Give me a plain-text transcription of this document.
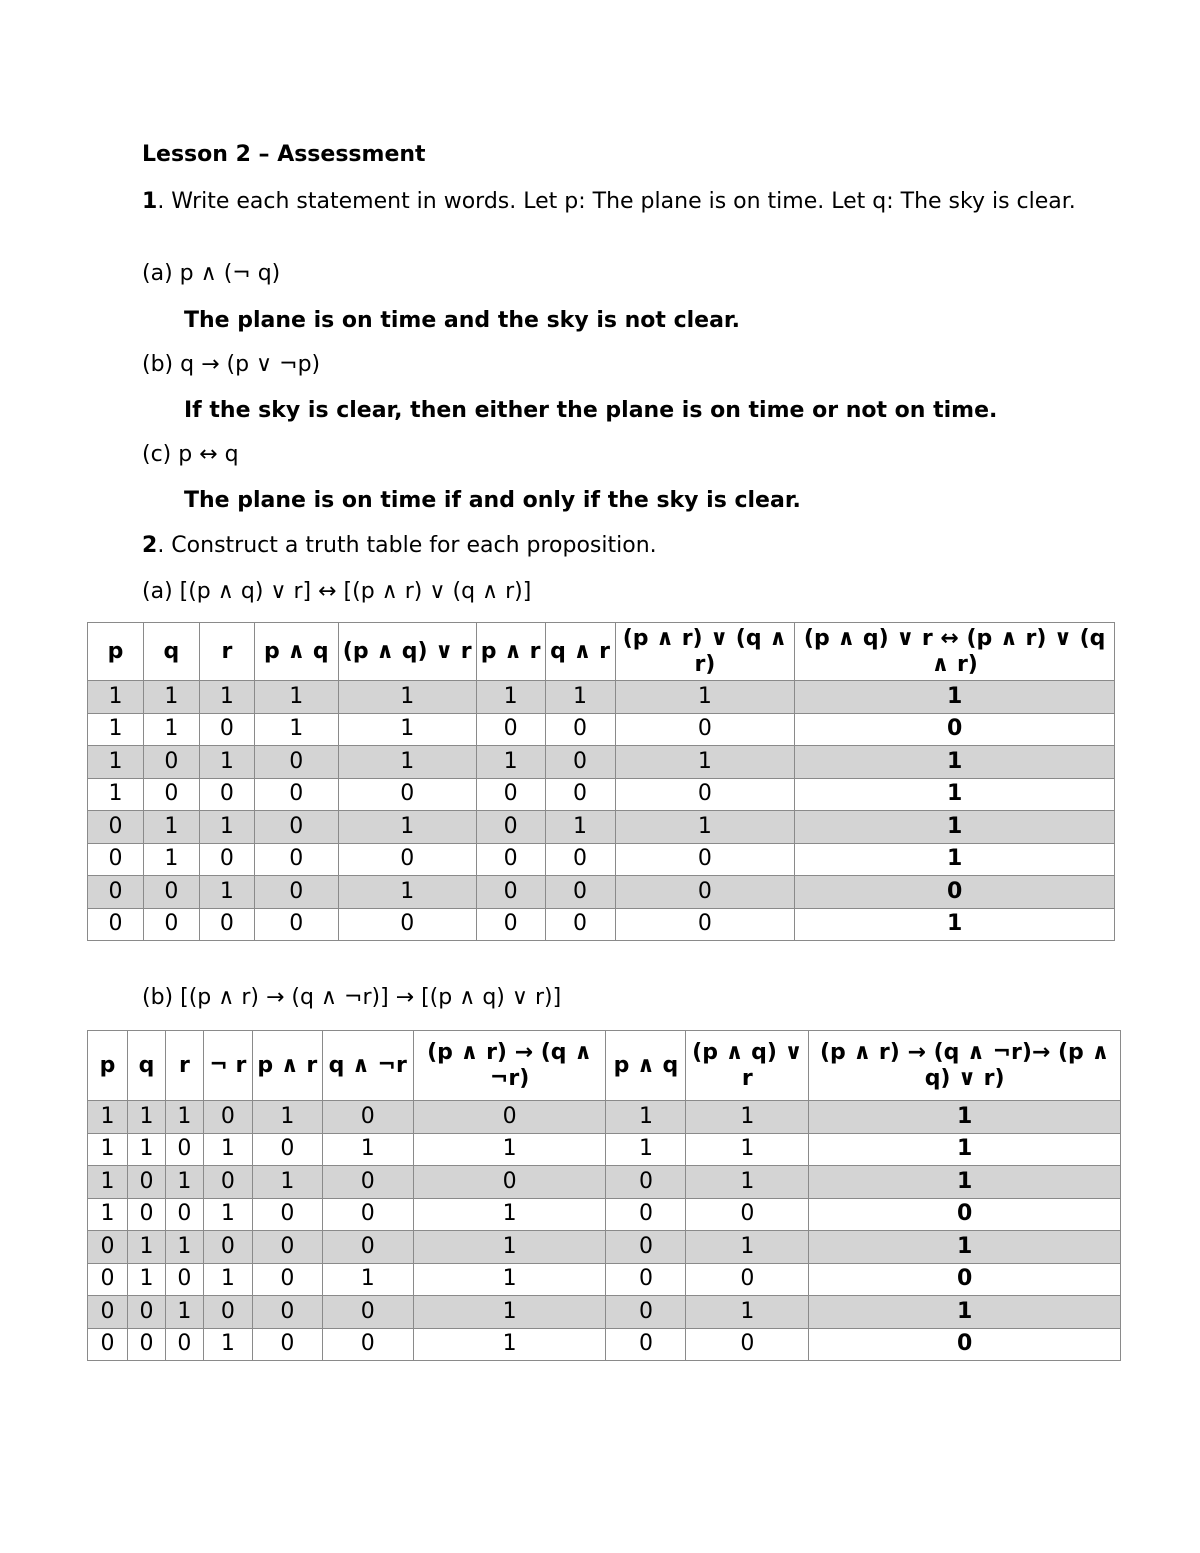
Lesson 2 – Assessment
1. Write each statement in words. Let p: The plane is on time. Let q: The sky is clear.
(a) p ∧ (¬ q)
The plane is on time and the sky is not clear.
(b) q → (p ∨ ¬p)
If the sky is clear, then either the plane is on time or not on time.
(c) p ↔ q
The plane is on time if and only if the sky is clear.
2. Construct a truth table for each proposition.
(a) [(p ∧ q) ∨ r] ↔ [(p ∧ r) ∨ (q ∧ r)]
p	q	r	p ∧ q	(p ∧ q) ∨ r	p ∧ r	q ∧ r	(p ∧ r) ∨ (q ∧ r)	(p ∧ q) ∨ r ↔ (p ∧ r) ∨ (q ∧ r)
1	1	1	1	1	1	1	1	1
1	1	0	1	1	0	0	0	0
1	0	1	0	1	1	0	1	1
1	0	0	0	0	0	0	0	1
0	1	1	0	1	0	1	1	1
0	1	0	0	0	0	0	0	1
0	0	1	0	1	0	0	0	0
0	0	0	0	0	0	0	0	1
(b) [(p ∧ r) → (q ∧ ¬r)] → [(p ∧ q) ∨ r)]
p	q	r	¬ r	p ∧ r	q ∧ ¬r	(p ∧ r) → (q ∧ ¬r)	p ∧ q	(p ∧ q) ∨ r	(p ∧ r) → (q ∧ ¬r)→ (p ∧ q) ∨ r)
1	1	1	0	1	0	0	1	1	1
1	1	0	1	0	1	1	1	1	1
1	0	1	0	1	0	0	0	1	1
1	0	0	1	0	0	1	0	0	0
0	1	1	0	0	0	1	0	1	1
0	1	0	1	0	1	1	0	0	0
0	0	1	0	0	0	1	0	1	1
0	0	0	1	0	0	1	0	0	0
